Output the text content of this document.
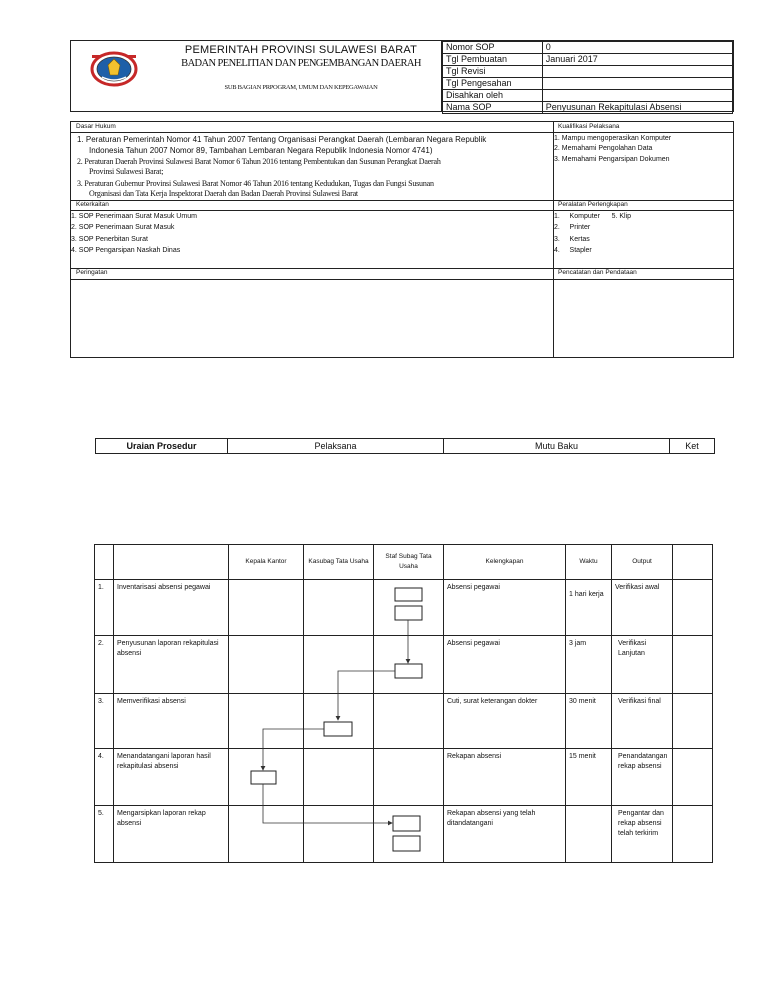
PEMERINTAH PROVINSI SULAWESI BARAT
BADAN PENELITIAN DAN PENGEMBANGAN DAERAH
SUB BAGIAN PRPOGRAM, UMUM DAN KEPEGAWAIAN
Nomor SOP	0
Tgl Pembuatan	Januari 2017
Tgl Revisi	
Tgl Pengesahan	
Disahkan oleh	
Nama SOP	Penyusunan Rekapitulasi Absensi
Dasar Hukum	Kualifikasi Pelaksana
1. Peraturan Pemerintah Nomor 41 Tahun 2007 Tentang Organisasi Perangkat Daerah (Lembaran Negara Republik
Indonesia Tahun 2007 Nomor 89, Tambahan Lembaran Negara Republik Indonesia Nomor 4741)
2. Peraturan Daerah Provinsi Sulawesi Barat Nomor 6 Tahun 2016 tentang Pembentukan dan Susunan Perangkat Daerah
Provinsi Sulawesi Barat;
3. Peraturan Gubernur Provinsi Sulawesi Barat Nomor 46 Tahun 2016 tentang Kedudukan, Tugas dan Fungsi Susunan
Organisasi dan Tata Kerja Inspektorat Daerah dan Badan Daerah Provinsi Sulawesi Barat
1. Mampu mengoperasikan Komputer
2. Memahami Pengolahan Data
3. Memahami Pengarsipan Dokumen
Keterkaitan	Peralatan Perlengkapan
1. SOP Penerimaan Surat Masuk Umum
2. SOP Penerimaan Surat Masuk
3. SOP Penerbitan Surat
4. SOP Pengarsipan Naskah Dinas
1.     Komputer      5. Klip
2.     Printer
3.     Kertas
4.     Stapler
Peringatan	Pencatatan dan Pendataan
Uraian Prosedur	Pelaksana	Mutu Baku	Ket
		Kepala Kantor	Kasubag Tata Usaha	Staf Subag Tata Usaha	Kelengkapan	Waktu	Output	
1.	Inventarisasi absensi pegawai				Absensi pegawai	1 hari kerja	Verifikasi awal	
2.	Penyusunan laporan rekapitulasi absensi				Absensi pegawai	3 jam	Verifikasi Lanjutan	
3.	Memverifikasi absensi				Cuti, surat keterangan dokter	30 menit	Verifikasi final	
4.	Menandatangani laporan hasil rekapitulasi absensi				Rekapan absensi	15 menit	Penandatangan rekap absensi	
5.	Mengarsipkan laporan rekap absensi				Rekapan absensi yang telah ditandatangani		Pengantar dan rekap absensi telah terkirim	
